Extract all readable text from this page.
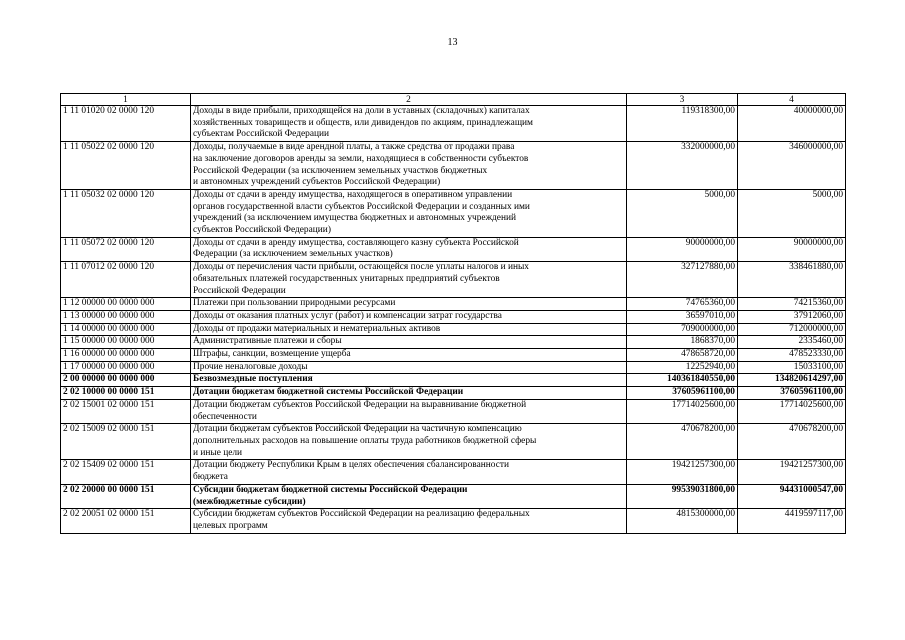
13
1	2	3	4
1 11 01020 02 0000 120	Доходы в виде прибыли, приходящейся на доли в уставных (складочных) капиталах
хозяйственных товариществ и обществ, или дивидендов по акциям, принадлежащим
субъектам Российской Федерации	119318300,00	40000000,00
1 11 05022 02 0000 120	Доходы, получаемые в виде арендной платы, а также средства от продажи права
на заключение договоров аренды за земли, находящиеся в собственности субъектов
Российской Федерации (за исключением земельных участков бюджетных
и автономных учреждений субъектов Российской Федерации)	332000000,00	346000000,00
1 11 05032 02 0000 120	Доходы от сдачи в аренду имущества, находящегося в оперативном управлении
органов государственной власти субъектов Российской Федерации и созданных ими
учреждений (за исключением имущества бюджетных и автономных учреждений
субъектов Российской Федерации)	5000,00	5000,00
1 11 05072 02 0000 120	Доходы от сдачи в аренду имущества, составляющего казну субъекта Российской
Федерации (за исключением земельных участков)	90000000,00	90000000,00
1 11 07012 02 0000 120	Доходы от перечисления части прибыли, остающейся после уплаты налогов и иных
обязательных платежей государственных унитарных предприятий субъектов
Российской Федерации	327127880,00	338461880,00
1 12 00000 00 0000 000	Платежи при пользовании природными ресурсами	74765360,00	74215360,00
1 13 00000 00 0000 000	Доходы от оказания платных услуг (работ) и компенсации затрат государства	36597010,00	37912060,00
1 14 00000 00 0000 000	Доходы от продажи материальных и нематериальных активов	709000000,00	712000000,00
1 15 00000 00 0000 000	Административные платежи и сборы	1868370,00	2335460,00
1 16 00000 00 0000 000	Штрафы, санкции, возмещение ущерба	478658720,00	478523330,00
1 17 00000 00 0000 000	Прочие неналоговые доходы	12252940,00	15033100,00
2 00 00000 00 0000 000	Безвозмездные поступления	140361840550,00	134820614297,00
2 02 10000 00 0000 151	Дотации бюджетам бюджетной системы Российской Федерации	37605961100,00	37605961100,00
2 02 15001 02 0000 151	Дотации бюджетам субъектов Российской Федерации на выравнивание бюджетной
обеспеченности	17714025600,00	17714025600,00
2 02 15009 02 0000 151	Дотации бюджетам субъектов Российской Федерации на частичную компенсацию
дополнительных расходов на повышение оплаты труда работников бюджетной сферы
и иные цели	470678200,00	470678200,00
2 02 15409 02 0000 151	Дотации бюджету Республики Крым в целях обеспечения сбалансированности
бюджета	19421257300,00	19421257300,00
2 02 20000 00 0000 151	Субсидии бюджетам бюджетной системы Российской Федерации
(межбюджетные субсидии)	99539031800,00	94431000547,00
2 02 20051 02 0000 151	Субсидии бюджетам субъектов Российской Федерации на реализацию федеральных
целевых программ	4815300000,00	4419597117,00
